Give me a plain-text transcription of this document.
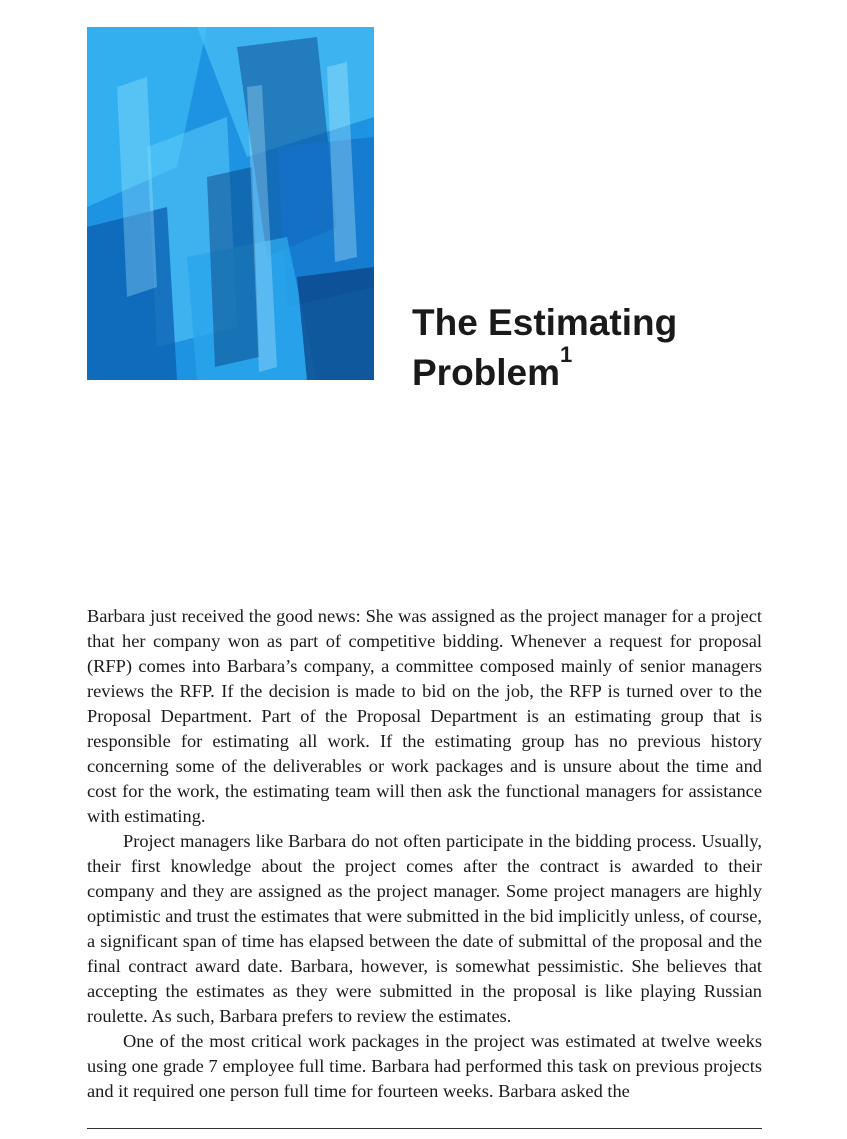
The Estimating
Problem$^1$

Barbara just received the good news: She was assigned as the project manager for a project that her company won as part of competitive bidding. Whenever a request for proposal (RFP) comes into Barbara’s company, a committee composed mainly of senior managers reviews the RFP. If the decision is made to bid on the job, the RFP is turned over to the Proposal Department. Part of the Proposal Department is an estimating group that is responsible for estimating all work. If the estimating group has no previous history concerning some of the deliverables or work packages and is unsure about the time and cost for the work, the estimating team will then ask the functional managers for assistance with estimating.

Project managers like Barbara do not often participate in the bidding process. Usually, their first knowledge about the project comes after the contract is awarded to their company and they are assigned as the project manager. Some project managers are highly optimistic and trust the estimates that were submitted in the bid implicitly unless, of course, a significant span of time has elapsed between the date of submittal of the proposal and the final contract award date. Barbara, however, is somewhat pessimistic. She believes that accepting the estimates as they were submitted in the proposal is like playing Russian roulette. As such, Barbara prefers to review the estimates.

One of the most critical work packages in the project was estimated at twelve weeks using one grade 7 employee full time. Barbara had performed this task on previous projects and it required one person full time for fourteen weeks. Barbara asked the
